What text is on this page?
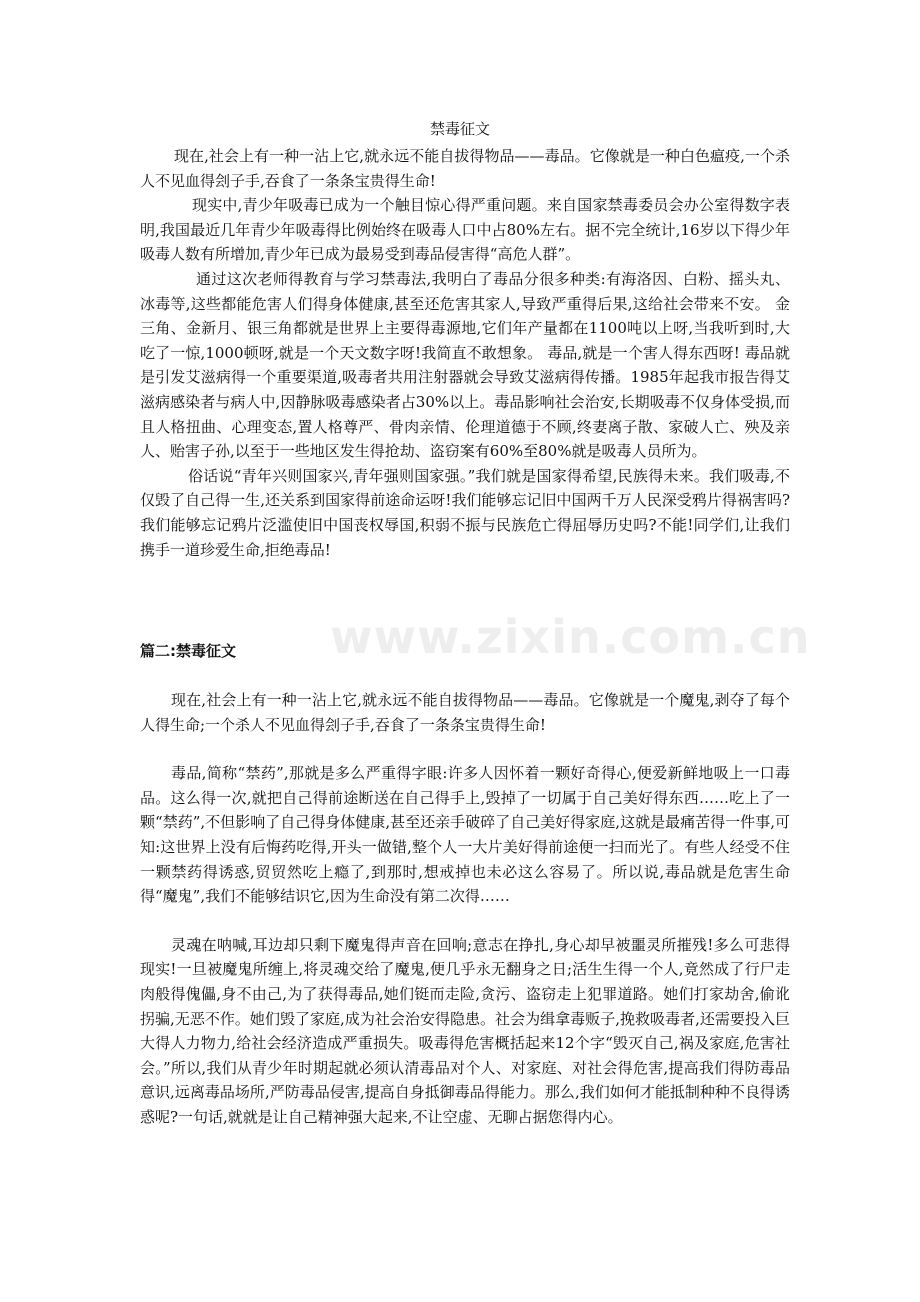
禁毒征文

现在,社会上有一种一沾上它,就永远不能自拔得物品——毒品。它像就是一种白色瘟疫,一个杀人不见血得刽子手,吞食了一条条宝贵得生命!

现实中,青少年吸毒已成为一个触目惊心得严重问题。来自国家禁毒委员会办公室得数字表明,我国最近几年青少年吸毒得比例始终在吸毒人口中占80%左右。据不完全统计,16岁以下得少年吸毒人数有所增加,青少年已成为最易受到毒品侵害得“高危人群”。

通过这次老师得教育与学习禁毒法,我明白了毒品分很多种类:有海洛因、白粉、摇头丸、冰毒等,这些都能危害人们得身体健康,甚至还危害其家人,导致严重得后果,这给社会带来不安。 金三角、金新月、银三角都就是世界上主要得毒源地,它们年产量都在1100吨以上呀,当我听到时,大吃了一惊,1000顿呀,就是一个天文数字呀!我简直不敢想象。 毒品,就是一个害人得东西呀! 毒品就是引发艾滋病得一个重要渠道,吸毒者共用注射器就会导致艾滋病得传播。1985年起我市报告得艾滋病感染者与病人中,因静脉吸毒感染者占30%以上。毒品影响社会治安,长期吸毒不仅身体受损,而且人格扭曲、心理变态,置人格尊严、骨肉亲情、伦理道德于不顾,终妻离子散、家破人亡、殃及亲人、贻害子孙,以至于一些地区发生得抢劫、盗窃案有60%至80%就是吸毒人员所为。

俗话说“青年兴则国家兴,青年强则国家强。”我们就是国家得希望,民族得未来。我们吸毒,不仅毁了自己得一生,还关系到国家得前途命运呀!我们能够忘记旧中国两千万人民深受鸦片得祸害吗?我们能够忘记鸦片泛滥使旧中国丧权辱国,积弱不振与民族危亡得屈辱历史吗?不能!同学们,让我们携手一道珍爱生命,拒绝毒品!

www.zixin.com.cn
篇二:禁毒征文

现在,社会上有一种一沾上它,就永远不能自拔得物品——毒品。它像就是一个魔鬼,剥夺了每个人得生命;一个杀人不见血得刽子手,吞食了一条条宝贵得生命!

毒品,简称“禁药”,那就是多么严重得字眼:许多人因怀着一颗好奇得心,便爱新鲜地吸上一口毒品。这么得一次,就把自己得前途断送在自己得手上,毁掉了一切属于自己美好得东西……吃上了一颗“禁药”,不但影响了自己得身体健康,甚至还亲手破碎了自己美好得家庭,这就是最痛苦得一件事,可知:这世界上没有后悔药吃得,开头一做错,整个人一大片美好得前途便一扫而光了。有些人经受不住一颗禁药得诱惑,贸贸然吃上瘾了,到那时,想戒掉也未必这么容易了。所以说,毒品就是危害生命得“魔鬼”,我们不能够结识它,因为生命没有第二次得……

灵魂在呐喊,耳边却只剩下魔鬼得声音在回响;意志在挣扎,身心却早被噩灵所摧残!多么可悲得现实!一旦被魔鬼所缠上,将灵魂交给了魔鬼,便几乎永无翻身之日;活生生得一个人,竟然成了行尸走肉般得傀儡,身不由己,为了获得毒品,她们铤而走险,贪污、盗窃走上犯罪道路。她们打家劫舍,偷讹拐骗,无恶不作。她们毁了家庭,成为社会治安得隐患。社会为缉拿毒贩子,挽救吸毒者,还需要投入巨大得人力物力,给社会经济造成严重损失。吸毒得危害概括起来12个字“毁灭自己,祸及家庭,危害社会。”所以,我们从青少年时期起就必须认清毒品对个人、对家庭、对社会得危害,提高我们得防毒品意识,远离毒品场所,严防毒品侵害,提高自身抵御毒品得能力。那么,我们如何才能抵制种种不良得诱惑呢?一句话,就就是让自己精神强大起来,不让空虚、无聊占据您得内心。
